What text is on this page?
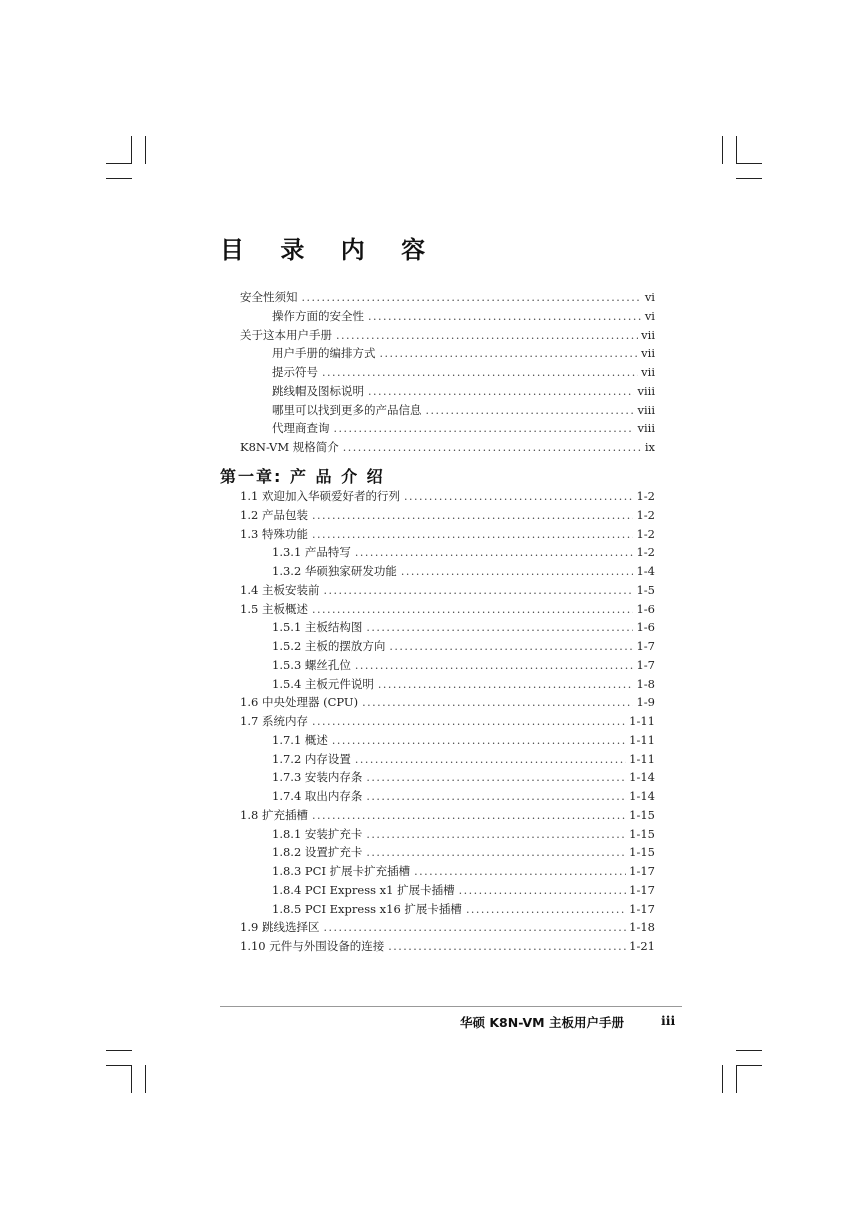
目 录 内 容
安全性须知 .....	vi
操作方面的安全性 .....	vi
关于这本用户手册 .....	vii
用户手册的编排方式 .....	vii
提示符号 .....	vii
跳线帽及图标说明 .....	viii
哪里可以找到更多的产品信息 .....	viii
代理商查询 .....	viii
K8N-VM 规格简介 .....	ix
第一章: 产 品 介 绍
1.1 欢迎加入华硕爱好者的行列 .....	1-2
1.2 产品包装 .....	1-2
1.3 特殊功能 .....	1-2
1.3.1 产品特写 .....	1-2
1.3.2 华硕独家研发功能 .....	1-4
1.4 主板安装前 .....	1-5
1.5 主板概述 .....	1-6
1.5.1 主板结构图 .....	1-6
1.5.2 主板的摆放方向 .....	1-7
1.5.3 螺丝孔位 .....	1-7
1.5.4 主板元件说明 .....	1-8
1.6 中央处理器 (CPU) .....	1-9
1.7 系统内存 .....	1-11
1.7.1 概述 .....	1-11
1.7.2 内存设置 .....	1-11
1.7.3 安装内存条 .....	1-14
1.7.4 取出内存条 .....	1-14
1.8 扩充插槽 .....	1-15
1.8.1 安装扩充卡 .....	1-15
1.8.2 设置扩充卡 .....	1-15
1.8.3 PCI 扩展卡扩充插槽 .....	1-17
1.8.4 PCI Express x1 扩展卡插槽 .....	1-17
1.8.5 PCI Express x16 扩展卡插槽 .....	1-17
1.9 跳线选择区 .....	1-18
1.10 元件与外围设备的连接 .....	1-21
华硕 K8N-VM 主板用户手册	iii
